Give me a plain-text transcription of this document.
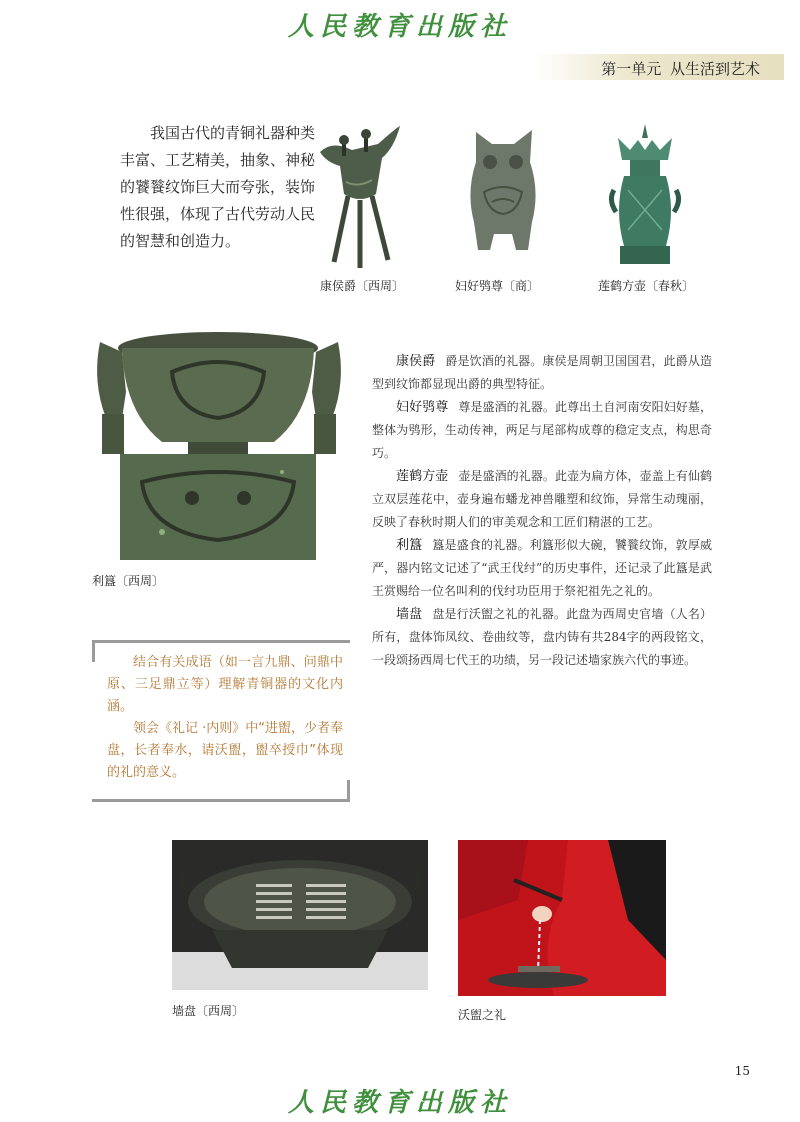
人民教育出版社
第一单元 从生活到艺术
我国古代的青铜礼器种类丰富、工艺精美，抽象、神秘的饕餮纹饰巨大而夸张，装饰性很强，体现了古代劳动人民的智慧和创造力。
康侯爵〔西周〕	妇好鸮尊〔商〕	莲鹤方壶〔春秋〕
利簋〔西周〕

康侯爵 爵是饮酒的礼器。康侯是周朝卫国国君，此爵从造型到纹饰都显现出爵的典型特征。

妇好鸮尊 尊是盛酒的礼器。此尊出土自河南安阳妇好墓，整体为鸮形，生动传神，两足与尾部构成尊的稳定支点，构思奇巧。

莲鹤方壶 壶是盛酒的礼器。此壶为扁方体，壶盖上有仙鹤立双层莲花中，壶身遍布蟠龙神兽雕塑和纹饰，异常生动瑰丽，反映了春秋时期人们的审美观念和工匠们精湛的工艺。

利簋 簋是盛食的礼器。利簋形似大碗，饕餮纹饰，敦厚威严，器内铭文记述了“武王伐纣”的历史事件，还记录了此簋是武王赏赐给一位名叫利的伐纣功臣用于祭祀祖先之礼的。

墙盘 盘是行沃盥之礼的礼器。此盘为西周史官墙（人名）所有，盘体饰凤纹、卷曲纹等，盘内铸有共284字的两段铭文，一段颂扬西周七代王的功绩，另一段记述墙家族六代的事迹。

结合有关成语（如一言九鼎、问鼎中原、三足鼎立等）理解青铜器的文化内涵。

领会《礼记 ·内则》中“进盥，少者奉盘，长者奉水，请沃盥，盥卒授巾”体现的礼的意义。

墙盘〔西周〕	沃盥之礼
15
人民教育出版社
